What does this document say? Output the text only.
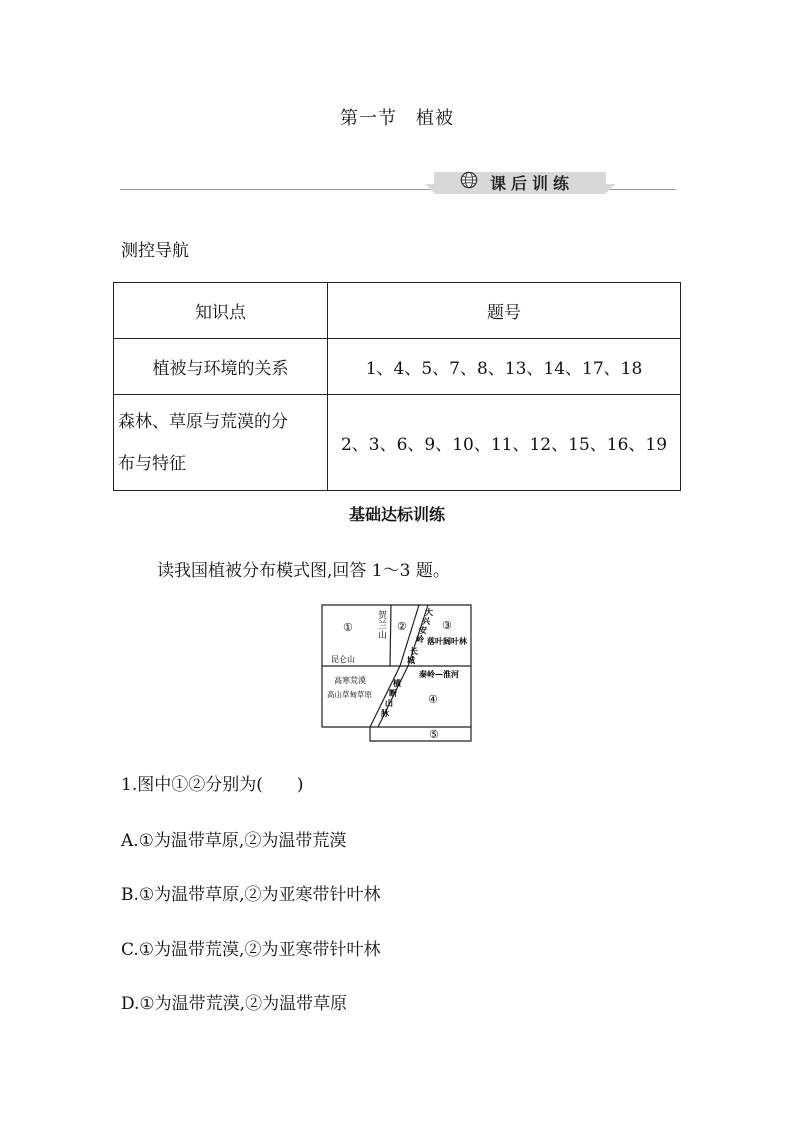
第一节　植被
课后训练
测控导航
知识点	题号
植被与环境的关系	1、4、5、7、8、13、14、17、18

森林、草原与荒漠的分
布与特征	2、3、6、9、10、11、12、15、16、19
基础达标训练
读我国植被分布模式图,回答 1～3 题。
①	②	③
④
⑤
贺
兰
山
大
兴
安
岭
长
城
落叶阔叶林
昆仑山
秦岭—淮河
高寒荒漠
高山草甸草原
横
断
山
脉
1.图中①②分别为(　　)
A.①为温带草原,②为温带荒漠
B.①为温带草原,②为亚寒带针叶林
C.①为温带荒漠,②为亚寒带针叶林
D.①为温带荒漠,②为温带草原
